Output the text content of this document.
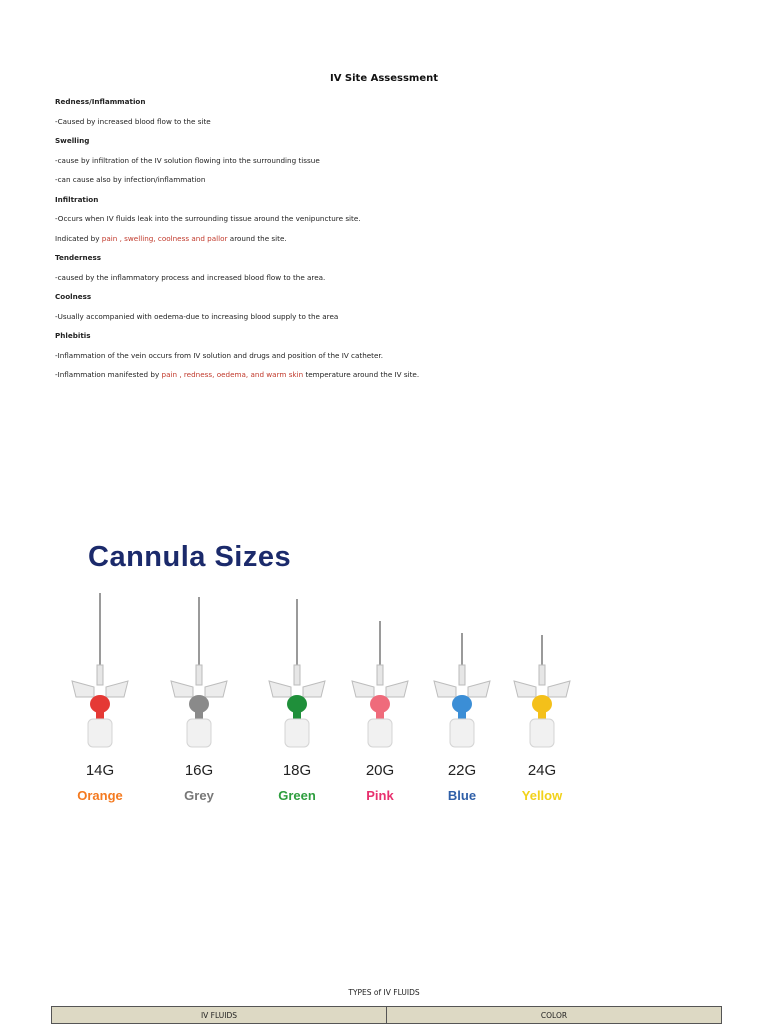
IV Site Assessment
Redness/Inflammation
-Caused by increased blood flow to the site
Swelling
-cause by infiltration of the IV solution flowing into the surrounding tissue
-can cause also by infection/inflammation
Infiltration
-Occurs when IV fluids leak into the surrounding tissue around the venipuncture site.
Indicated by pain , swelling, coolness and pallor around the site.
Tenderness
-caused by the inflammatory process and increased blood flow to the area.
Coolness
-Usually accompanied with oedema-due to increasing blood supply to the area
Phlebitis
-Inflammation of the vein occurs from IV solution and drugs and position of the IV catheter.
-Inflammation manifested by pain , redness, oedema, and warm skin temperature around the IV site.
Cannula Sizes
14G
Orange
16G
Grey
18G
Green
20G
Pink
22G
Blue
24G
Yellow
TYPES of IV FLUIDS
IV FLUIDS	COLOR
